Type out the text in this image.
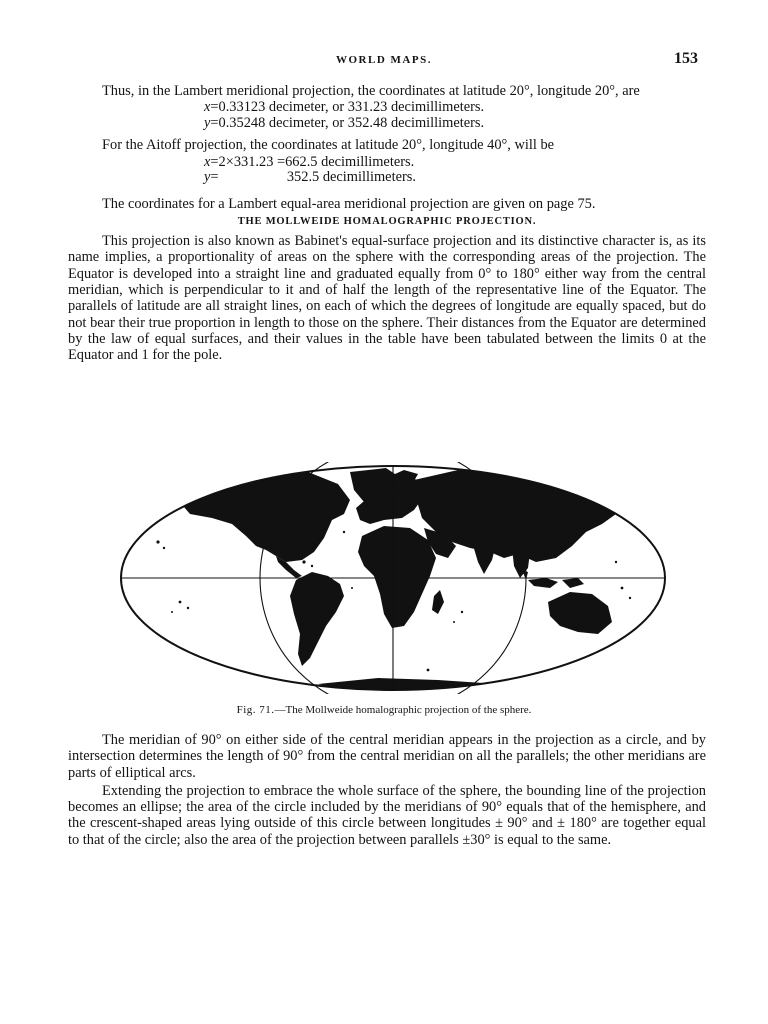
WORLD MAPS.	153

Thus, in the Lambert meridional projection, the coordinates at latitude 20°, longitude 20°, are

x=0.33123 decimeter, or 331.23 decimillimeters.
y=0.35248 decimeter, or 352.48 decimillimeters.

For the Aitoff projection, the coordinates at latitude 20°, longitude 40°, will be

x=2×331.23 =662.5 decimillimeters.
y=                   352.5 decimillimeters.

The coordinates for a Lambert equal-area meridional projection are given on page 75.

THE MOLLWEIDE HOMALOGRAPHIC PROJECTION.

This projection is also known as Babinet's equal-surface projection and its distinctive character is, as its name implies, a proportionality of areas on the sphere with the corresponding areas of the projection. The Equator is developed into a straight line and graduated equally from 0° to 180° either way from the central meridian, which is perpendicular to it and of half the length of the representative line of the Equator. The parallels of latitude are all straight lines, on each of which the degrees of longitude are equally spaced, but do not bear their true proportion in length to those on the sphere. Their distances from the Equator are determined by the law of equal surfaces, and their values in the table have been tabulated between the limits 0 at the Equator and 1 for the pole.

Fig. 71.—The Mollweide homalographic projection of the sphere.

The meridian of 90° on either side of the central meridian appears in the projection as a circle, and by intersection determines the length of 90° from the central meridian on all the parallels; the other meridians are parts of elliptical arcs.

Extending the projection to embrace the whole surface of the sphere, the bounding line of the projection becomes an ellipse; the area of the circle included by the meridians of 90° equals that of the hemisphere, and the crescent-shaped areas lying outside of this circle between longitudes ± 90° and ± 180° are together equal to that of the circle; also the area of the projection between parallels ±30° is equal to the same.
